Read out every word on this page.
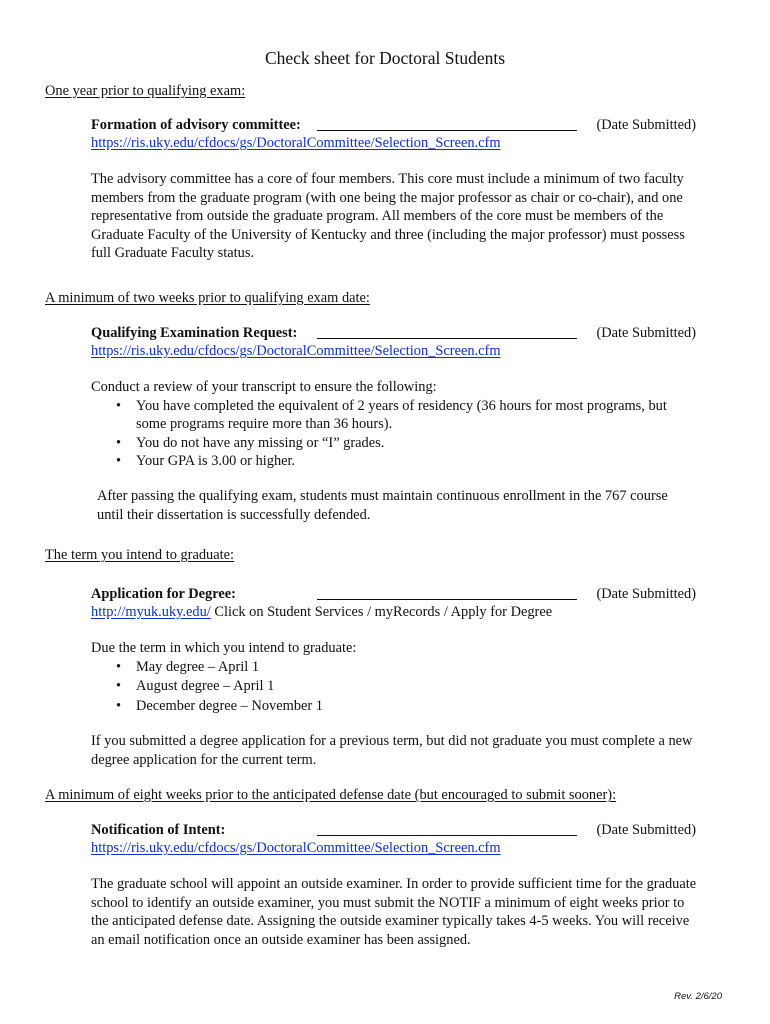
Check sheet for Doctoral Students
One year prior to qualifying exam:
Formation of advisory committee:	(Date Submitted)
https://ris.uky.edu/cfdocs/gs/DoctoralCommittee/Selection_Screen.cfm
The advisory committee has a core of four members. This core must include a minimum of two faculty members from the graduate program (with one being the major professor as chair or co-chair), and one representative from outside the graduate program. All members of the core must be members of the Graduate Faculty of the University of Kentucky and three (including the major professor) must possess full Graduate Faculty status.
A minimum of two weeks prior to qualifying exam date:
Qualifying Examination Request:	(Date Submitted)
https://ris.uky.edu/cfdocs/gs/DoctoralCommittee/Selection_Screen.cfm
Conduct a review of your transcript to ensure the following:
• You have completed the equivalent of 2 years of residency (36 hours for most programs, but some programs require more than 36 hours).
• You do not have any missing or “I” grades.
• Your GPA is 3.00 or higher.
After passing the qualifying exam, students must maintain continuous enrollment in the 767 course until their dissertation is successfully defended.
The term you intend to graduate:
Application for Degree:	(Date Submitted)
http://myuk.uky.edu/ Click on Student Services / myRecords / Apply for Degree
Due the term in which you intend to graduate:
• May degree – April 1
• August degree – April 1
• December degree – November 1
If you submitted a degree application for a previous term, but did not graduate you must complete a new degree application for the current term.
A minimum of eight weeks prior to the anticipated defense date (but encouraged to submit sooner):
Notification of Intent:	(Date Submitted)
https://ris.uky.edu/cfdocs/gs/DoctoralCommittee/Selection_Screen.cfm
The graduate school will appoint an outside examiner. In order to provide sufficient time for the graduate school to identify an outside examiner, you must submit the NOTIF a minimum of eight weeks prior to the anticipated defense date. Assigning the outside examiner typically takes 4-5 weeks. You will receive an email notification once an outside examiner has been assigned.
Rev. 2/6/20
